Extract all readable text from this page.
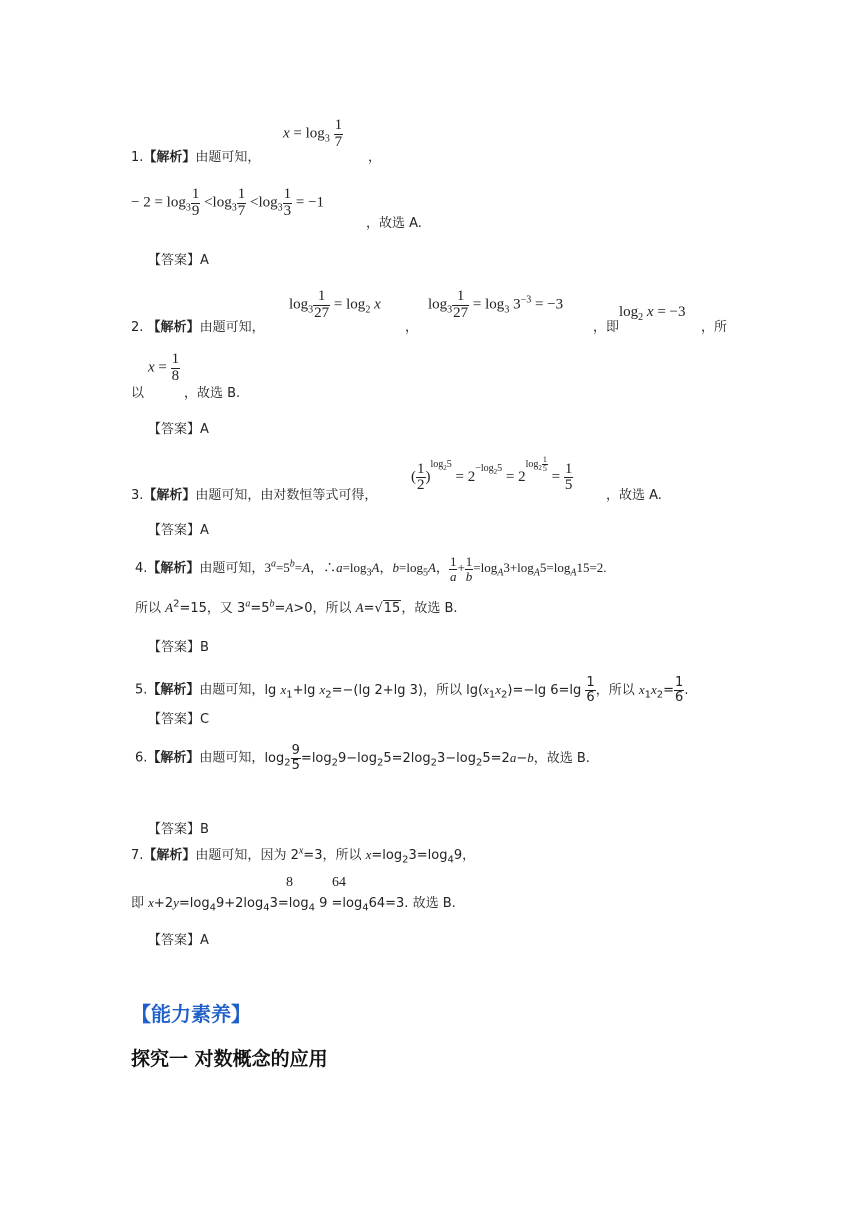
$x = \log_3 \frac{1}{7}$
1.【解析】由题可知，	，
− $2 = \log_3 \frac{1}{9} <\log_3 \frac{1}{7} <\log_3 \frac{1}{3} = -1$
，故选 A.
【答案】A
$\log_3 \frac{1}{27} = \log_2 x$	$\log_3 \frac{1}{27} = \log_3 3^{-3} = -3$	$\log_2 x = -3$
2. 【解析】由题可知，	，	，即	，所
$x = \frac{1}{8}$
以	，故选 B.
【答案】A
3.【解析】由题可知，由对数恒等式可得，
( $\frac{1}{2} )^{log_25} = 2^{-log_25} = 2^{log_2 \frac{1}{5}}$
= $\frac{1}{5}$
，故选 A.
【答案】A
4.【解析】由题可知，$3^a=5^b=A$，$\therefore a=\log_3A$，$b=\log_5A$， $\frac{1}{a} + \frac{1}{b} =\log_A3+\log_A5=\log_A15=2$.
所以 $A^2=15$，又 $3^a=5^b=A>0$，所以 A=√15，故选 B.
【答案】B
5.【解析】由题可知，$\lg x_1+\lg$ $x_2=-(\lg$ 2+lg 3)，所以 $\lg(x_1x_2)=-\lg$ $6=\lg \frac{1}{6}$ ，所以 $x_1x_2= \frac{1}{6}$ .
【答案】C
6.【解析】由题可知，$\log_2 \frac{9}{5} =\log_29-\log_25=2\log_23-\log_25=2a-b$，故选 B.
【答案】B
7.【解析】由题可知，因为 $2^x=3$，所以 $x=\log_23=\log_49$，
8	64
即 $x+2y=\log_49+2\log_43=\log_4$ $9 =\log_464=3$. 故选 B.
【答案】A
【能力素养】
探究一 对数概念的应用
